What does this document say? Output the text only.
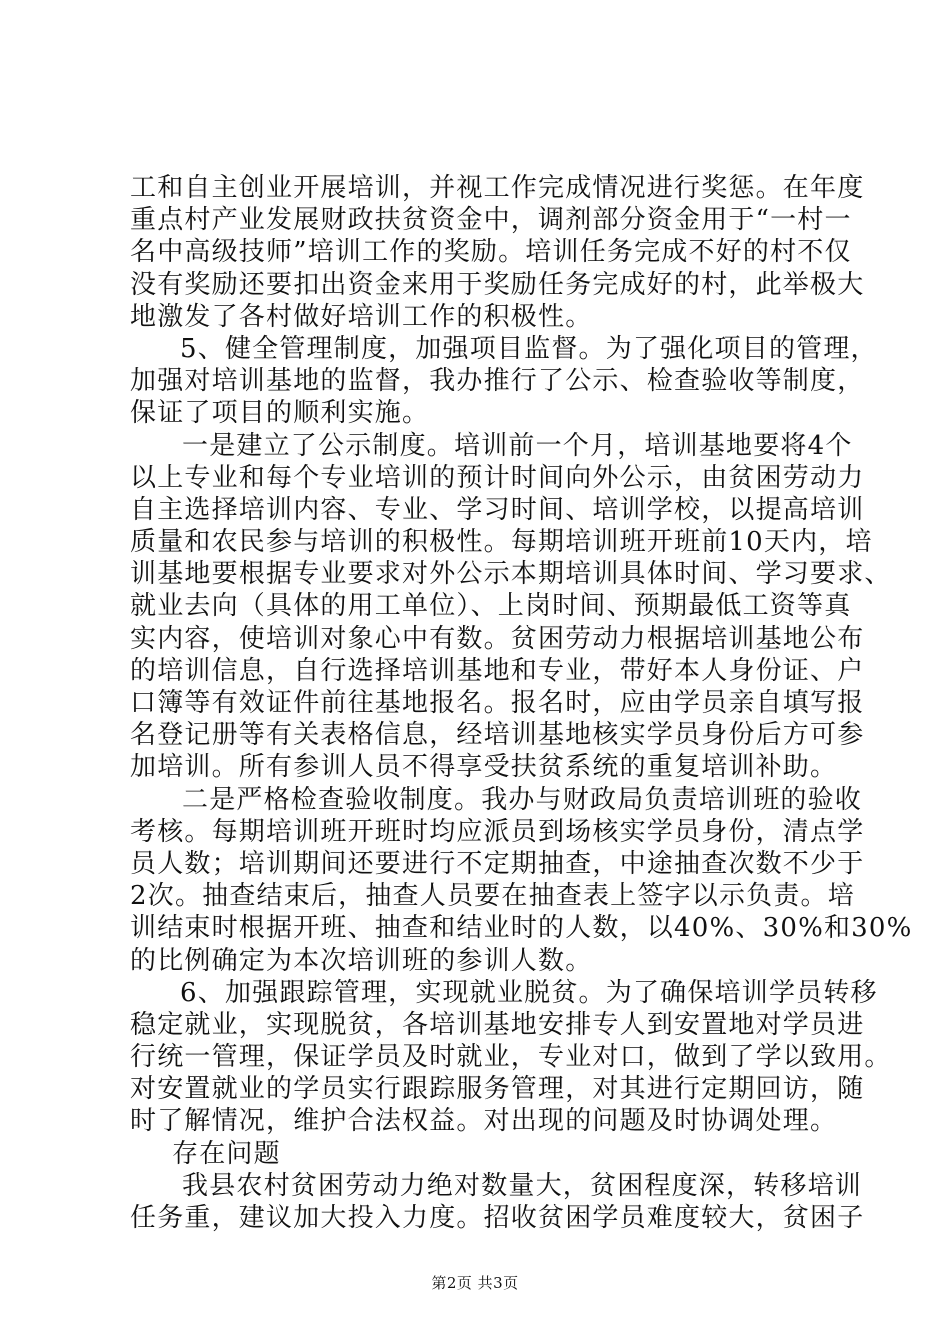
工和自主创业开展培训，并视工作完成情况进行奖惩。在年度
重点村产业发展财政扶贫资金中，调剂部分资金用于“一村一
名中高级技师”培训工作的奖励。培训任务完成不好的村不仅
没有奖励还要扣出资金来用于奖励任务完成好的村，此举极大
地激发了各村做好培训工作的积极性。
5、健全管理制度，加强项目监督。为了强化项目的管理，
加强对培训基地的监督，我办推行了公示、检查验收等制度，
保证了项目的顺利实施。
一是建立了公示制度。培训前一个月，培训基地要将4个
以上专业和每个专业培训的预计时间向外公示，由贫困劳动力
自主选择培训内容、专业、学习时间、培训学校，以提高培训
质量和农民参与培训的积极性。每期培训班开班前10天内，培
训基地要根据专业要求对外公示本期培训具体时间、学习要求、
就业去向（具体的用工单位）、上岗时间、预期最低工资等真
实内容，使培训对象心中有数。贫困劳动力根据培训基地公布
的培训信息，自行选择培训基地和专业，带好本人身份证、户
口簿等有效证件前往基地报名。报名时，应由学员亲自填写报
名登记册等有关表格信息，经培训基地核实学员身份后方可参
加培训。所有参训人员不得享受扶贫系统的重复培训补助。
二是严格检查验收制度。我办与财政局负责培训班的验收
考核。每期培训班开班时均应派员到场核实学员身份，清点学
员人数；培训期间还要进行不定期抽查，中途抽查次数不少于
2次。抽查结束后，抽查人员要在抽查表上签字以示负责。培
训结束时根据开班、抽查和结业时的人数，以40%、30%和30%
的比例确定为本次培训班的参训人数。
6、加强跟踪管理，实现就业脱贫。为了确保培训学员转移
稳定就业，实现脱贫，各培训基地安排专人到安置地对学员进
行统一管理，保证学员及时就业，专业对口，做到了学以致用。
对安置就业的学员实行跟踪服务管理，对其进行定期回访，随
时了解情况，维护合法权益。对出现的问题及时协调处理。
存在问题
我县农村贫困劳动力绝对数量大，贫困程度深，转移培训
任务重，建议加大投入力度。招收贫困学员难度较大，贫困子
第2页 共3页
